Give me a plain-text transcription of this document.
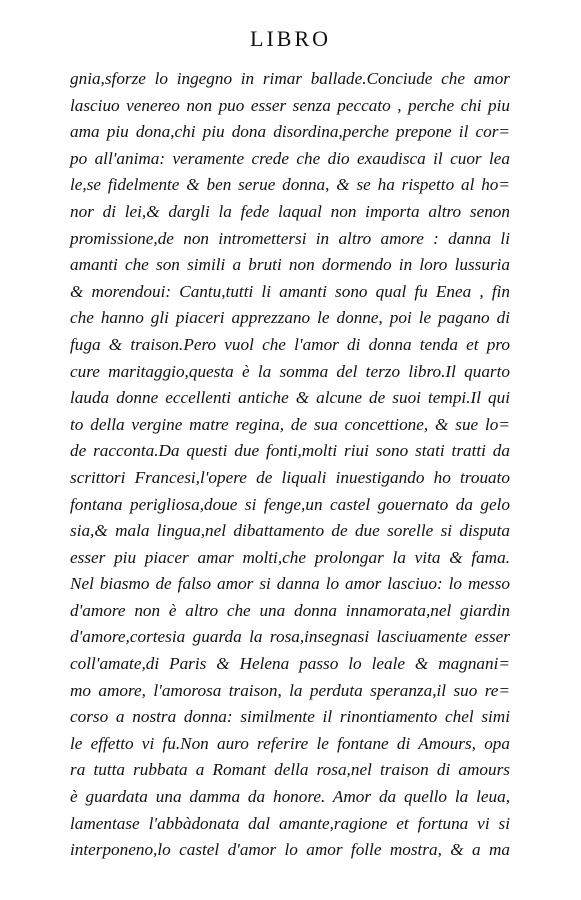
LIBRO
gnia,sforze lo ingegno in rimar ballade.Conciude che amor
lasciuo venereo non puo esser senza peccato , perche chi piu
ama piu dona,chi piu dona disordina,perche prepone il cor=
po all'anima: veramente crede che dio exaudisca il cuor lea
le,se fidelmente & ben serue donna, & se ha rispetto al ho=
nor di lei,& dargli la fede laqual non importa altro senon
promissione,de non intromettersi in altro amore : danna li
amanti che son simili a bruti non dormendo in loro lussuria
& morendoui: Cantu,tutti li amanti sono qual fu Enea , fin
che hanno gli piaceri apprezzano le donne, poi le pagano di
fuga & traison.Pero vuol che l'amor di donna tenda et pro
cure maritaggio,questa è la somma del terzo libro.Il quarto
lauda donne eccellenti antiche & alcune de suoi tempi.Il qui
to della vergine matre regina, de sua concettione, & sue lo=
de racconta.Da questi due fonti,molti riui sono stati tratti da
scrittori Francesi,l'opere de liquali inuestigando ho trouato
fontana perigliosa,doue si fenge,un castel gouernato da gelo
sia,& mala lingua,nel dibattamento de due sorelle si disputa
esser piu piacer amar molti,che prolongar la vita & fama.
Nel biasmo de falso amor si danna lo amor lasciuo: lo messo
d'amore non è altro che una donna innamorata,nel giardin
d'amore,cortesia guarda la rosa,insegnasi lasciuamente esser
coll'amate,di Paris & Helena passo lo leale & magnani=
mo amore, l'amorosa traison, la perduta speranza,il suo re=
corso a nostra donna: similmente il rinontiamento chel simi
le effetto vi fu.Non auro referire le fontane di Amours, opa
ra tutta rubbata a Romant della rosa,nel traison di amours
è guardata una damma da honore. Amor da quello la leua,
lamentase l'abbàdonata dal amante,ragione et fortuna vi si
interponeno,lo castel d'amor lo amor folle mostra, & a ma
